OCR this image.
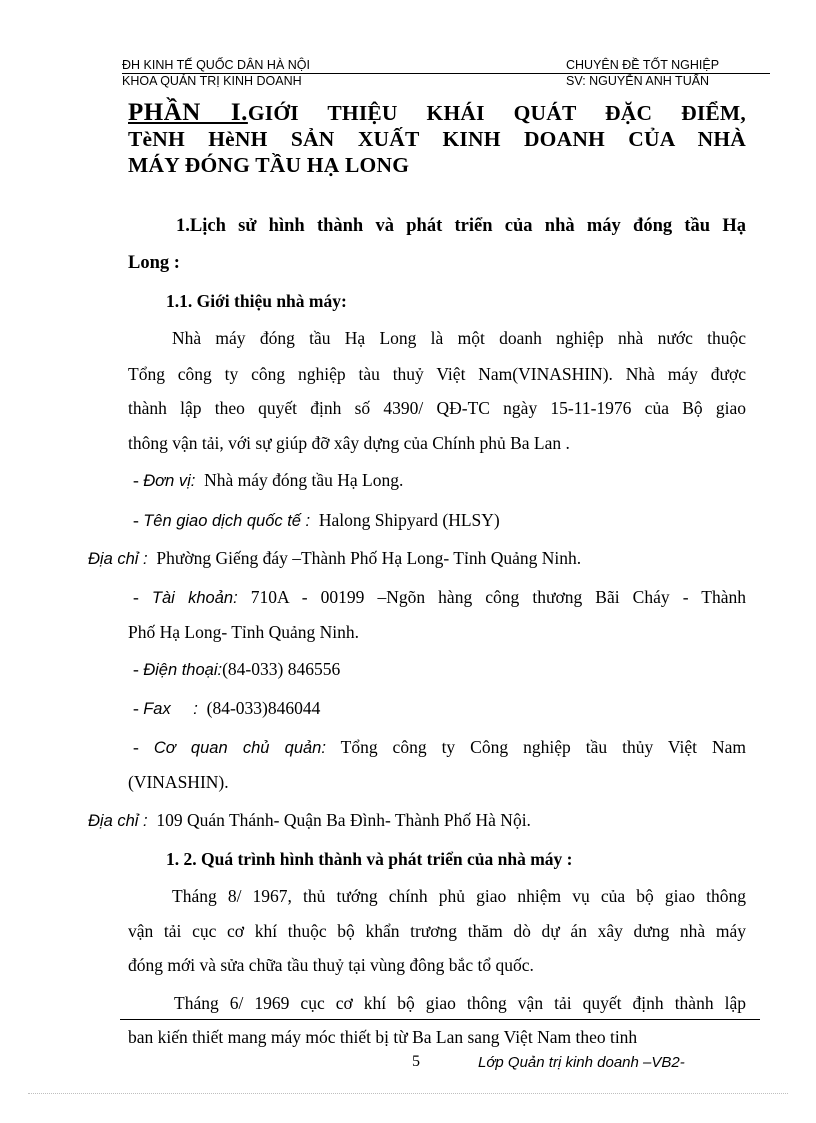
ĐH KINH TẾ QUỐC DÂN HÀ NỘI	CHUYÊN ĐỀ TỐT NGHIỆP
KHOA QUẢN TRỊ KINH DOANH	SV: NGUYỄN ANH TUẤN
PHẦN I.GIỚI THIỆU KHÁI QUÁT ĐẶC ĐIỂM,
TèNH HèNH SẢN XUẤT KINH DOANH CỦA NHÀ
MÁY ĐÓNG TẦU HẠ LONG
1.Lịch sử hình thành và phát triển của nhà máy đóng tầu Hạ
Long :
1.1. Giới thiệu nhà máy:
Nhà máy đóng tầu Hạ Long là một doanh nghiệp nhà nước thuộc
Tổng công ty công nghiệp tàu thuỷ Việt Nam(VINASHIN). Nhà máy được
thành lập theo quyết định số 4390/ QĐ-TC ngày 15-11-1976 của Bộ giao
thông vận tải, với sự giúp đỡ xây dựng của Chính phủ Ba Lan .
- Đơn vị: Nhà máy đóng tầu Hạ Long.
- Tên giao dịch quốc tế : Halong Shipyard (HLSY)
Địa chỉ : Phường Giếng đáy –Thành Phố Hạ Long- Tỉnh Quảng Ninh.
- Tài khoản: 710A - 00199 –Ngõn hàng công thương Bãi Cháy - Thành
Phố Hạ Long- Tỉnh Quảng Ninh.
- Điện thoại:(84-033) 846556
- Fax : (84-033)846044
- Cơ quan chủ quản: Tổng công ty Công nghiệp tầu thủy Việt Nam
(VINASHIN).
Địa chỉ : 109 Quán Thánh- Quận Ba Đình- Thành Phố Hà Nội.
1. 2. Quá trình hình thành và phát triển của nhà máy :
Tháng 8/ 1967, thủ tướng chính phủ giao nhiệm vụ của bộ giao thông
vận tải cục cơ khí thuộc bộ khẩn trương thăm dò dự án xây dưng nhà máy
đóng mới và sửa chữa tầu thuỷ tại vùng đông bắc tổ quốc.
Tháng 6/ 1969 cục cơ khí bộ giao thông vận tải quyết định thành lập
ban kiến thiết mang máy móc thiết bị từ Ba Lan sang Việt Nam theo tinh
5	Lớp Quản trị kinh doanh –VB2-
